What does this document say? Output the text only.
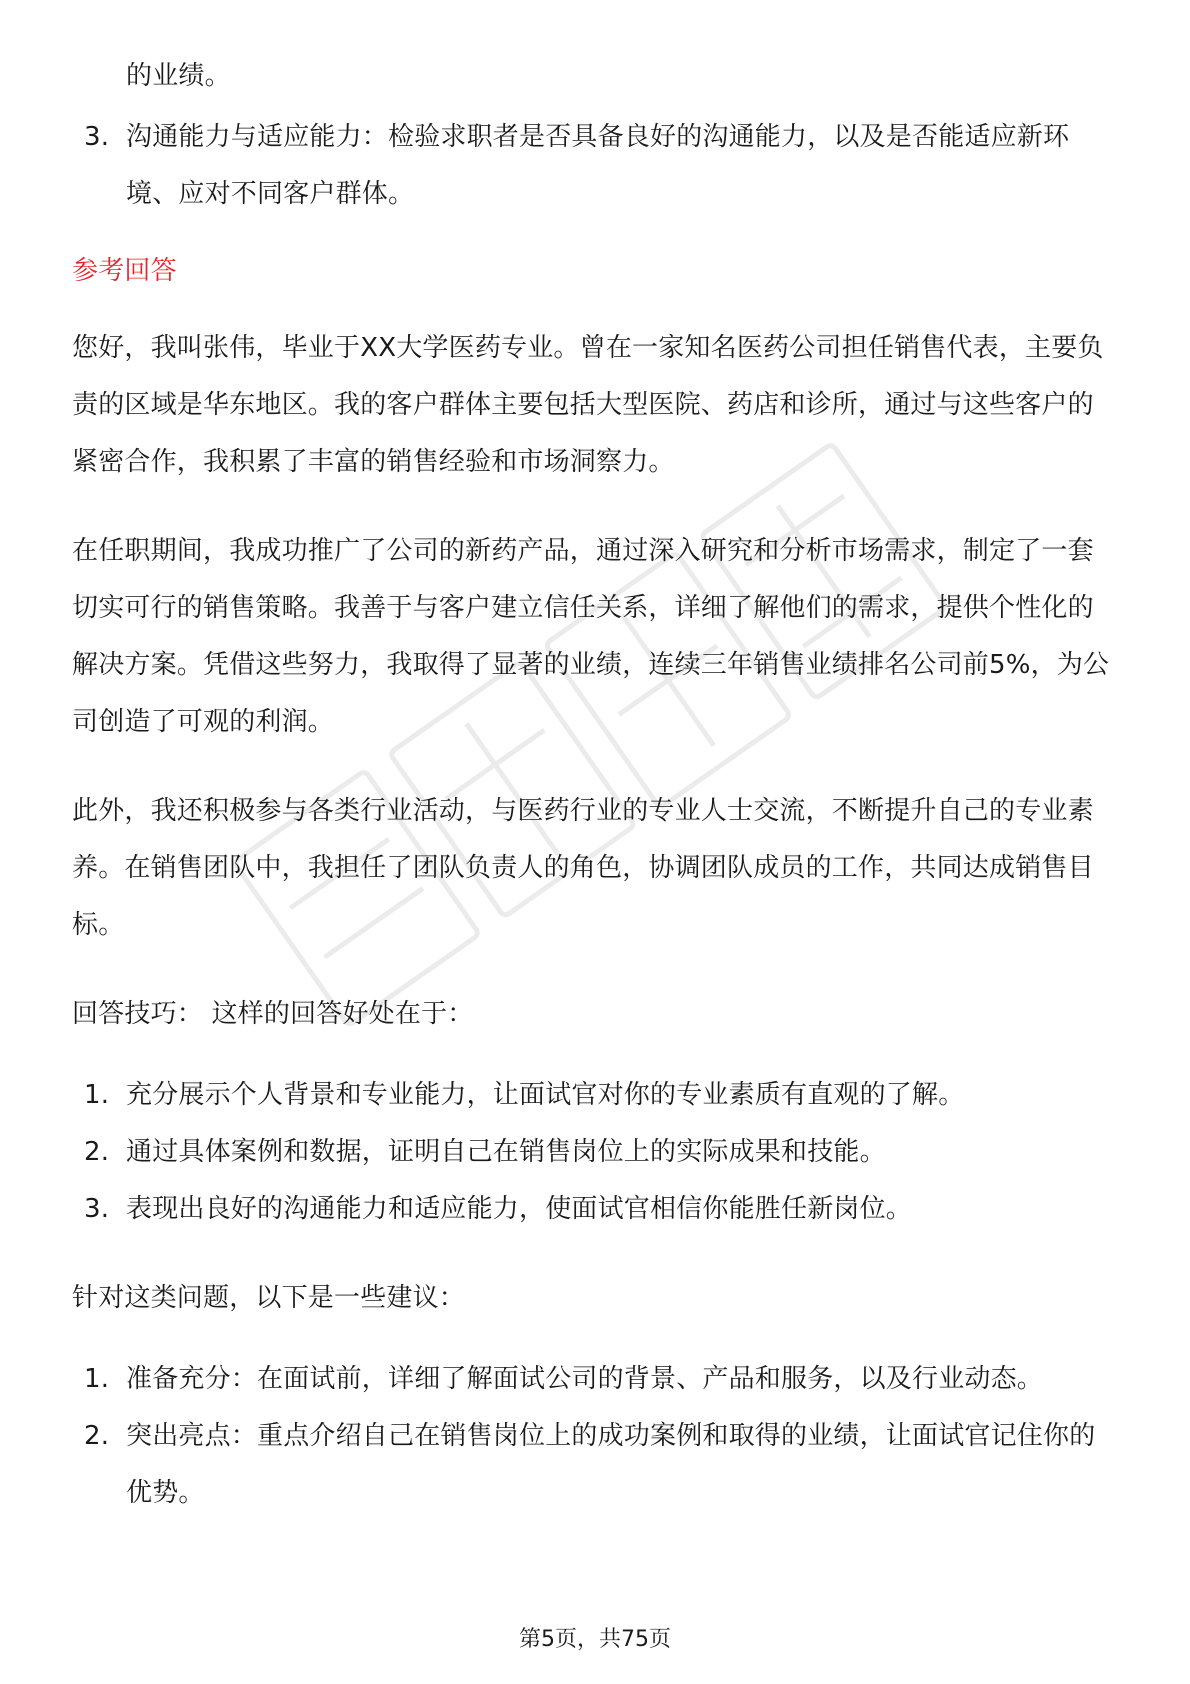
的业绩。

3. 沟通能力与适应能力：检验求职者是否具备良好的沟通能力，以及是否能适应新环境、应对不同客户群体。

参考回答

您好，我叫张伟，毕业于XX大学医药专业。曾在一家知名医药公司担任销售代表，主要负责的区域是华东地区。我的客户群体主要包括大型医院、药店和诊所，通过与这些客户的紧密合作，我积累了丰富的销售经验和市场洞察力。

在任职期间，我成功推广了公司的新药产品，通过深入研究和分析市场需求，制定了一套切实可行的销售策略。我善于与客户建立信任关系，详细了解他们的需求，提供个性化的解决方案。凭借这些努力，我取得了显著的业绩，连续三年销售业绩排名公司前5%，为公司创造了可观的利润。

此外，我还积极参与各类行业活动，与医药行业的专业人士交流，不断提升自己的专业素养。在销售团队中，我担任了团队负责人的角色，协调团队成员的工作，共同达成销售目标。

回答技巧： 这样的回答好处在于：

1. 充分展示个人背景和专业能力，让面试官对你的专业素质有直观的了解。
2. 通过具体案例和数据，证明自己在销售岗位上的实际成果和技能。
3. 表现出良好的沟通能力和适应能力，使面试官相信你能胜任新岗位。

针对这类问题，以下是一些建议：

1. 准备充分：在面试前，详细了解面试公司的背景、产品和服务，以及行业动态。
2. 突出亮点：重点介绍自己在销售岗位上的成功案例和取得的业绩，让面试官记住你的优势。
第5页，共75页
